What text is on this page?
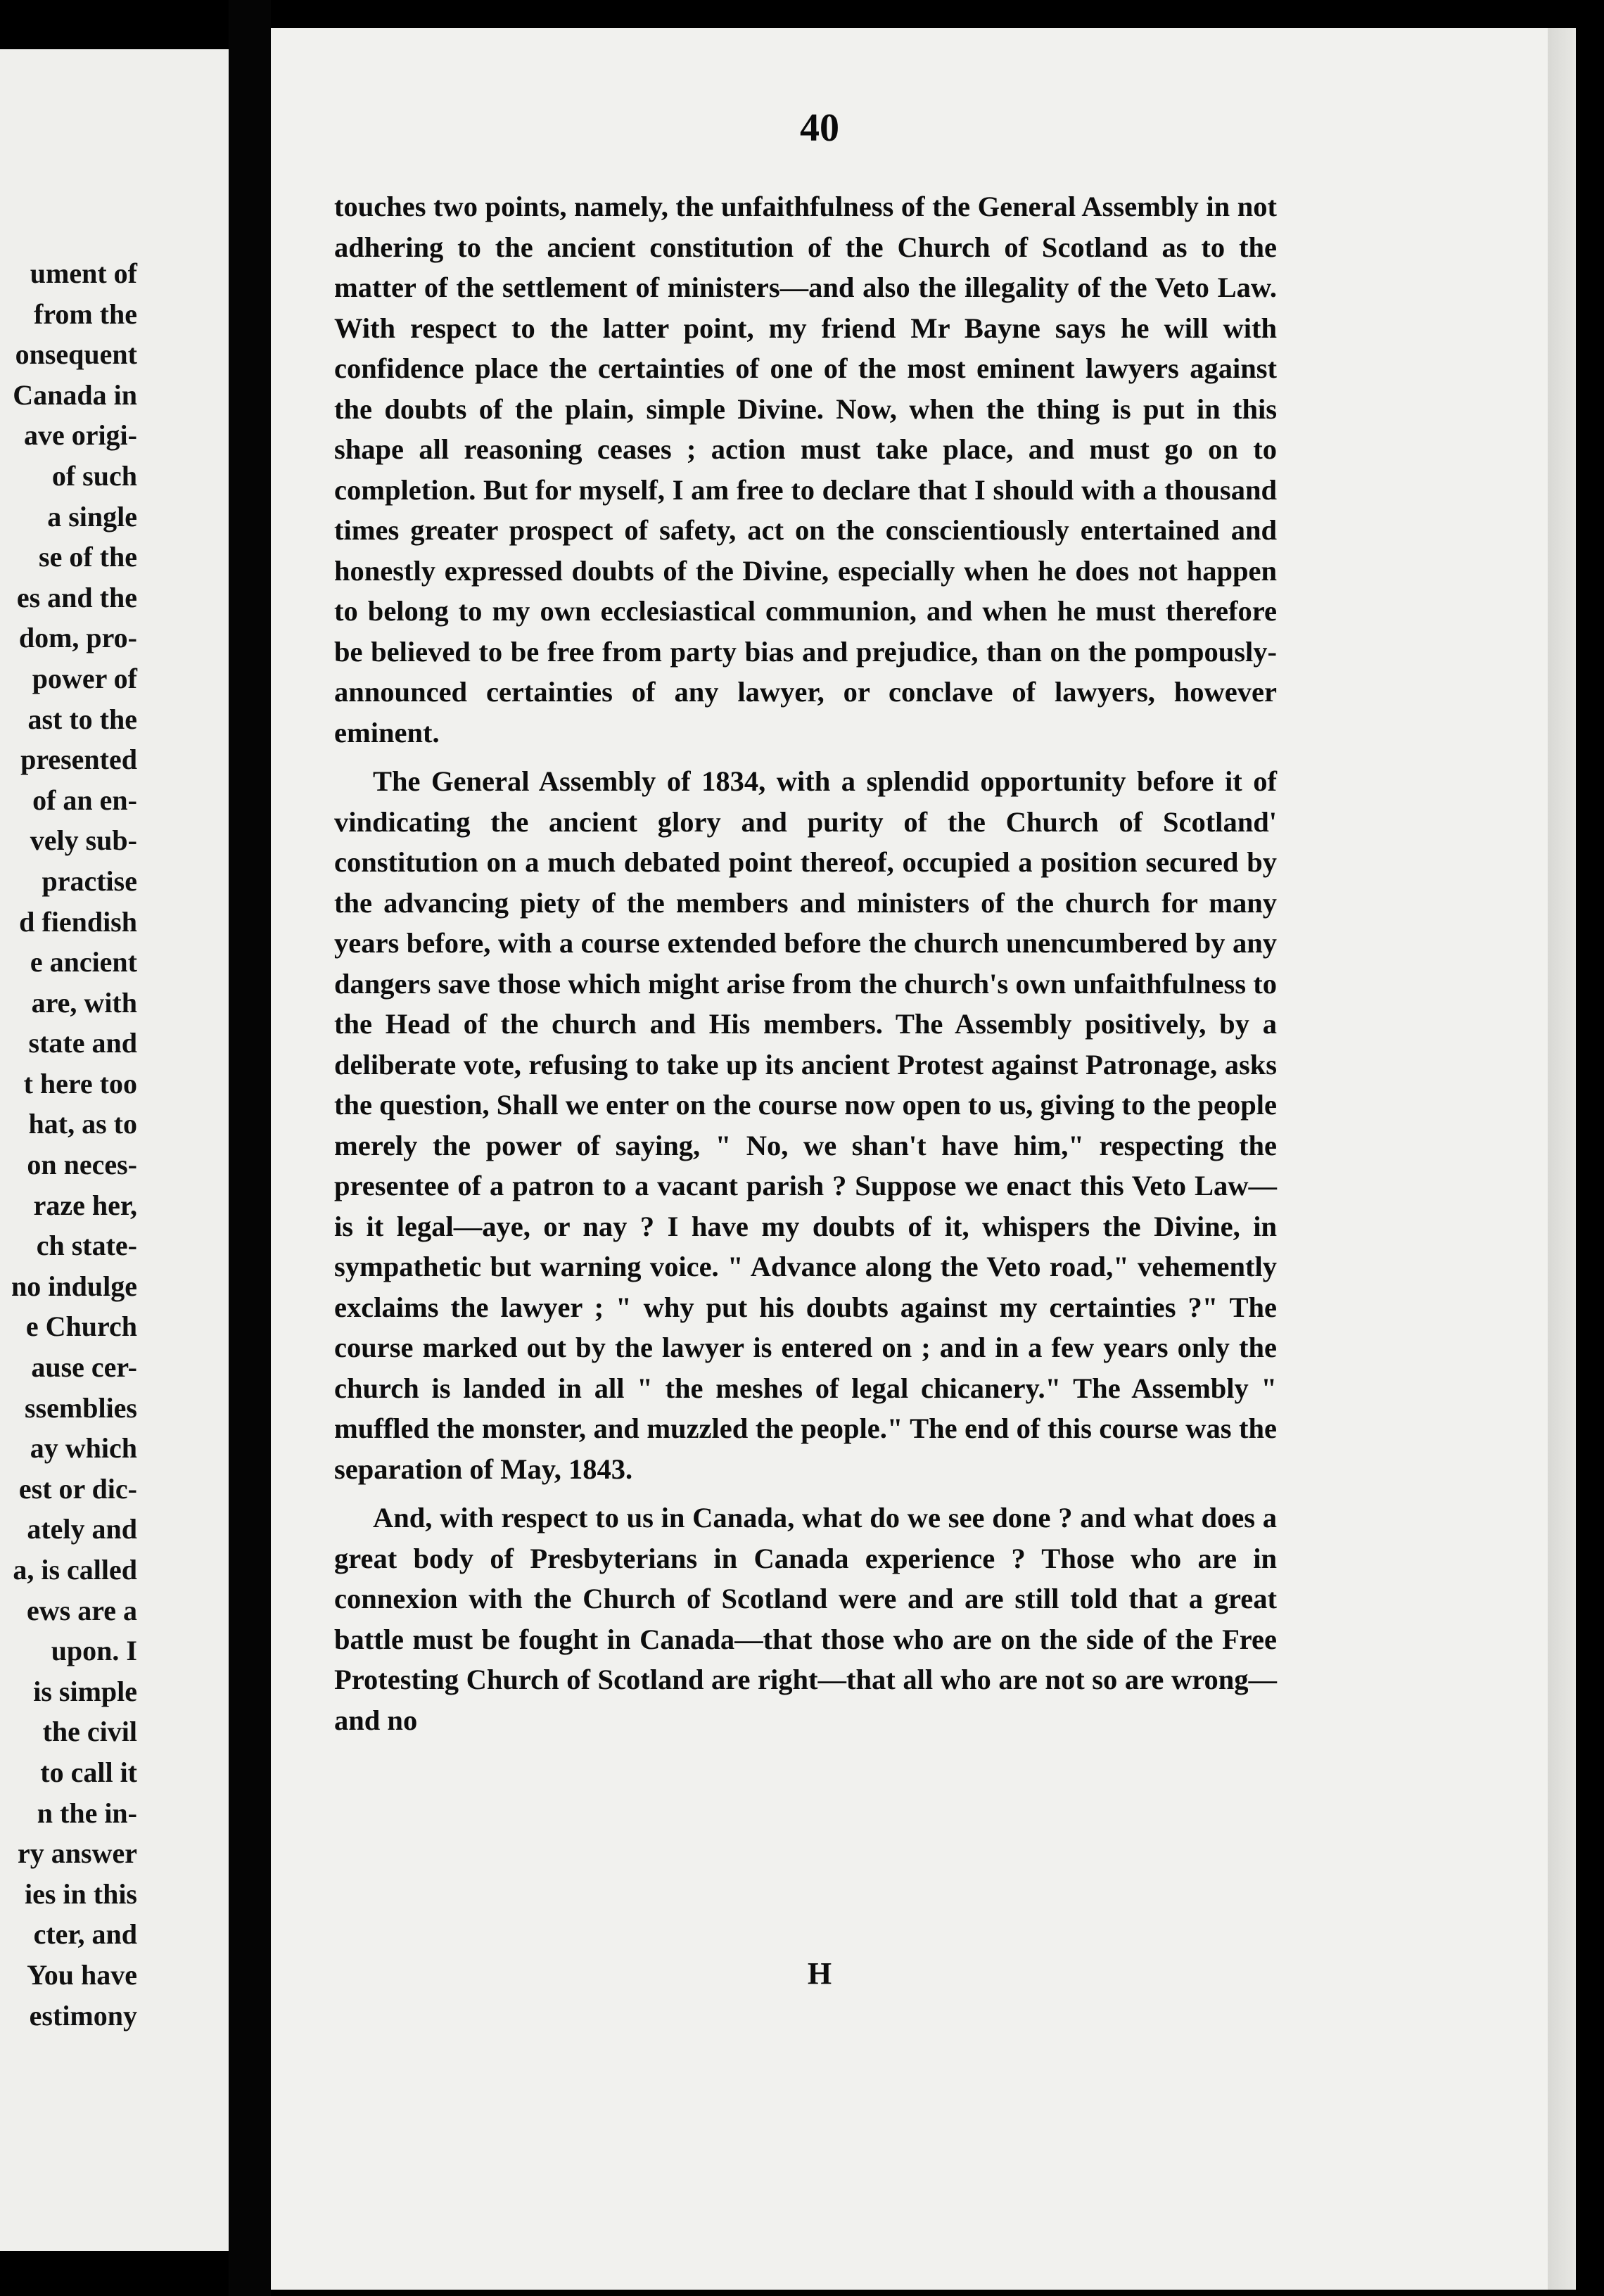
ument of
from the
onsequent
Canada in
ave origi-
of such
a single
se of the
es and the
dom, pro-
power of
ast to the
presented
of an en-
vely sub-
practise
d fiendish
e ancient
are, with
state and
t here too
hat, as to
on neces-
raze her,
ch state-
no indulge
e Church
ause cer-
ssemblies
ay which
est or dic-
ately and
a, is called
ews are a
upon. I
is simple
the civil
to call it
n the in-
ry answer
ies in this
cter, and
You have
estimony
40

touches two points, namely, the unfaithfulness of the General Assembly in not adhering to the ancient constitution of the Church of Scotland as to the matter of the settlement of ministers—and also the illegality of the Veto Law. With respect to the latter point, my friend Mr Bayne says he will with confidence place the certainties of one of the most eminent lawyers against the doubts of the plain, simple Divine. Now, when the thing is put in this shape all reasoning ceases ; action must take place, and must go on to completion. But for myself, I am free to declare that I should with a thousand times greater prospect of safety, act on the conscientiously entertained and honestly expressed doubts of the Divine, especially when he does not happen to belong to my own ecclesiastical communion, and when he must therefore be believed to be free from party bias and prejudice, than on the pompously-announced certainties of any lawyer, or conclave of lawyers, however eminent.

The General Assembly of 1834, with a splendid opportunity before it of vindicating the ancient glory and purity of the Church of Scotland' constitution on a much debated point thereof, occupied a position secured by the advancing piety of the members and ministers of the church for many years before, with a course extended before the church unencumbered by any dangers save those which might arise from the church's own unfaithfulness to the Head of the church and His members. The Assembly positively, by a deliberate vote, refusing to take up its ancient Protest against Patronage, asks the question, Shall we enter on the course now open to us, giving to the people merely the power of saying, " No, we shan't have him," respecting the presentee of a patron to a vacant parish ? Suppose we enact this Veto Law—is it legal—aye, or nay ? I have my doubts of it, whispers the Divine, in sympathetic but warning voice. " Advance along the Veto road," vehemently exclaims the lawyer ; " why put his doubts against my certainties ?" The course marked out by the lawyer is entered on ; and in a few years only the church is landed in all " the meshes of legal chicanery." The Assembly " muffled the monster, and muzzled the people." The end of this course was the separation of May, 1843.

And, with respect to us in Canada, what do we see done ? and what does a great body of Presbyterians in Canada experience ? Those who are in connexion with the Church of Scotland were and are still told that a great battle must be fought in Canada—that those who are on the side of the Free Protesting Church of Scotland are right—that all who are not so are wrong—and no

H
